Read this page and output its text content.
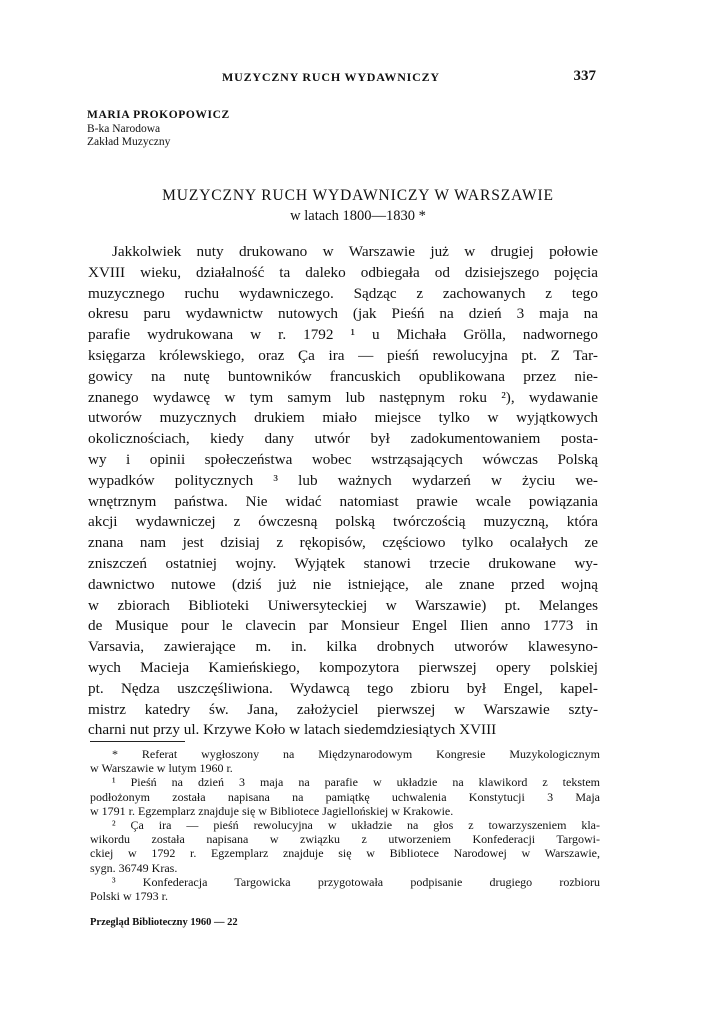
MUZYCZNY RUCH WYDAWNICZY	337
MARIA PROKOPOWICZ
B-ka Narodowa
Zakład Muzyczny
MUZYCZNY RUCH WYDAWNICZY W WARSZAWIE
w latach 1800—1830 *
Jakkolwiek nuty drukowano w Warszawie już w drugiej połowie
XVIII wieku, działalność ta daleko odbiegała od dzisiejszego pojęcia
muzycznego ruchu wydawniczego. Sądząc z zachowanych z tego
okresu paru wydawnictw nutowych (jak Pieśń na dzień 3 maja na
parafie wydrukowana w r. 1792 ¹ u Michała Grölla, nadwornego
księgarza królewskiego, oraz Ça ira — pieśń rewolucyjna pt. Z Tar-
gowicy na nutę buntowników francuskich opublikowana przez nie-
znanego wydawcę w tym samym lub następnym roku ²), wydawanie
utworów muzycznych drukiem miało miejsce tylko w wyjątkowych
okolicznościach, kiedy dany utwór był zadokumentowaniem posta-
wy i opinii społeczeństwa wobec wstrząsających wówczas Polską
wypadków politycznych ³ lub ważnych wydarzeń w życiu we-
wnętrznym państwa. Nie widać natomiast prawie wcale powiązania
akcji wydawniczej z ówczesną polską twórczością muzyczną, która
znana nam jest dzisiaj z rękopisów, częściowo tylko ocalałych ze
zniszczeń ostatniej wojny. Wyjątek stanowi trzecie drukowane wy-
dawnictwo nutowe (dziś już nie istniejące, ale znane przed wojną
w zbiorach Biblioteki Uniwersyteckiej w Warszawie) pt. Melanges
de Musique pour le clavecin par Monsieur Engel Ilien anno 1773 in
Varsavia, zawierające m. in. kilka drobnych utworów klawesyno-
wych Macieja Kamieńskiego, kompozytora pierwszej opery polskiej
pt. Nędza uszczęśliwiona. Wydawcą tego zbioru był Engel, kapel-
mistrz katedry św. Jana, założyciel pierwszej w Warszawie szty-
charni nut przy ul. Krzywe Koło w latach siedemdziesiątych XVIII
* Referat wygłoszony na Międzynarodowym Kongresie Muzykologicznym
w Warszawie w lutym 1960 r.
¹ Pieśń na dzień 3 maja na parafie w układzie na klawikord z tekstem
podłożonym została napisana na pamiątkę uchwalenia Konstytucji 3 Maja
w 1791 r. Egzemplarz znajduje się w Bibliotece Jagiellońskiej w Krakowie.
² Ça ira — pieśń rewolucyjna w układzie na głos z towarzyszeniem kla-
wikordu została napisana w związku z utworzeniem Konfederacji Targowi-
ckiej w 1792 r. Egzemplarz znajduje się w Bibliotece Narodowej w Warszawie,
sygn. 36749 Kras.
³ Konfederacja Targowicka przygotowała podpisanie drugiego rozbioru
Polski w 1793 r.
Przegląd Biblioteczny 1960 — 22
